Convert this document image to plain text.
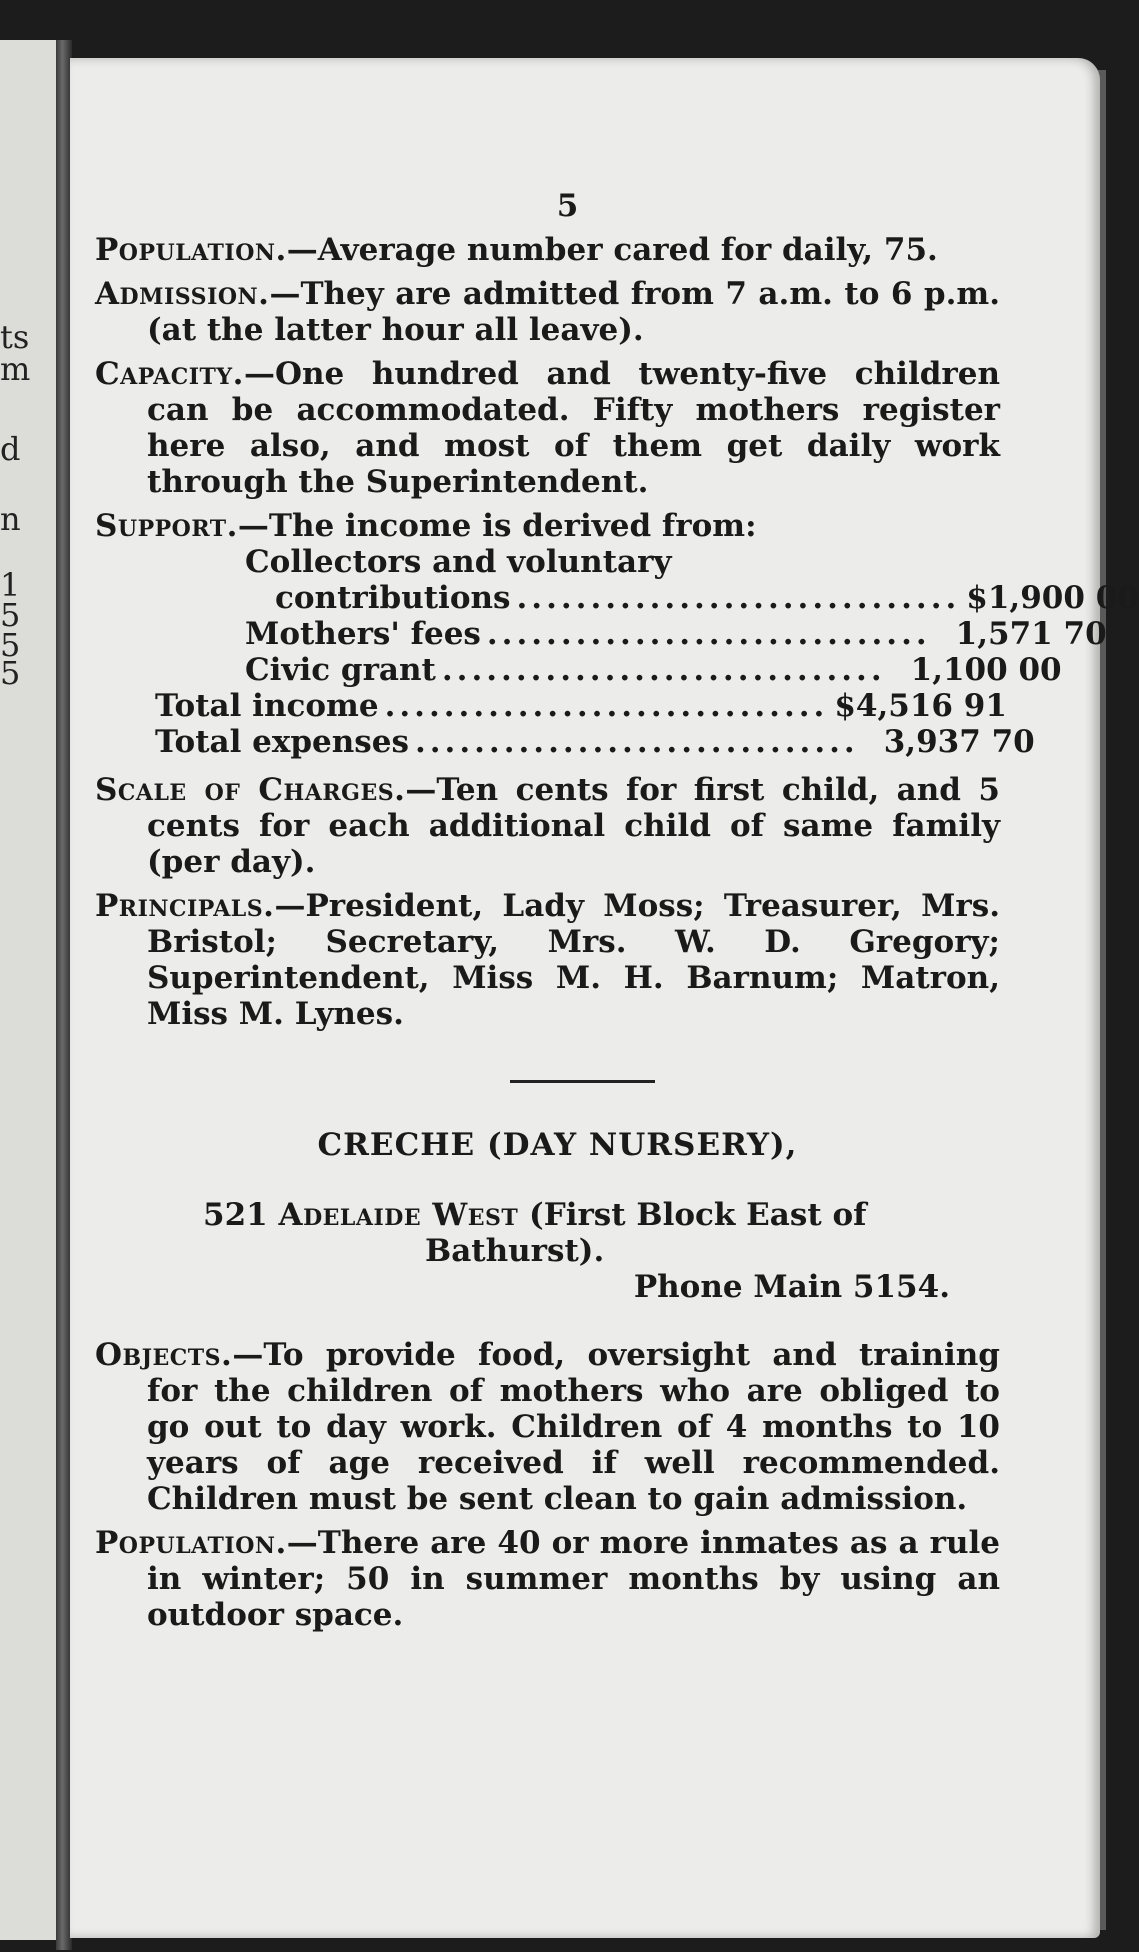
ts
m
d
n
1
5
5
5
5
Population.—Average number cared for daily, 75.
Admission.—They are admitted from 7 a.m. to 6 p.m. (at the latter hour all leave).
Capacity.—One hundred and twenty-five children can be accommodated. Fifty mothers register here also, and most of them get daily work through the Superintendent.
Support.—The income is derived from:
Collectors and voluntary
contributions .............................. $1,900 00
Mothers' fees .............................. 1,571 70
Civic grant .............................. 1,100 00
Total income .............................. $4,516 91
Total expenses .............................. 3,937 70
Scale of Charges.—Ten cents for first child, and 5 cents for each additional child of same family (per day).
Principals.—President, Lady Moss; Treasurer, Mrs. Bristol; Secretary, Mrs. W. D. Gregory; Superintendent, Miss M. H. Barnum; Matron, Miss M. Lynes.
CRECHE (DAY NURSERY),
521 Adelaide West (First Block East of
Bathurst).
Phone Main 5154.
Objects.—To provide food, oversight and training for the children of mothers who are obliged to go out to day work. Children of 4 months to 10 years of age received if well recommended. Children must be sent clean to gain admission.
Population.—There are 40 or more inmates as a rule in winter; 50 in summer months by using an outdoor space.
